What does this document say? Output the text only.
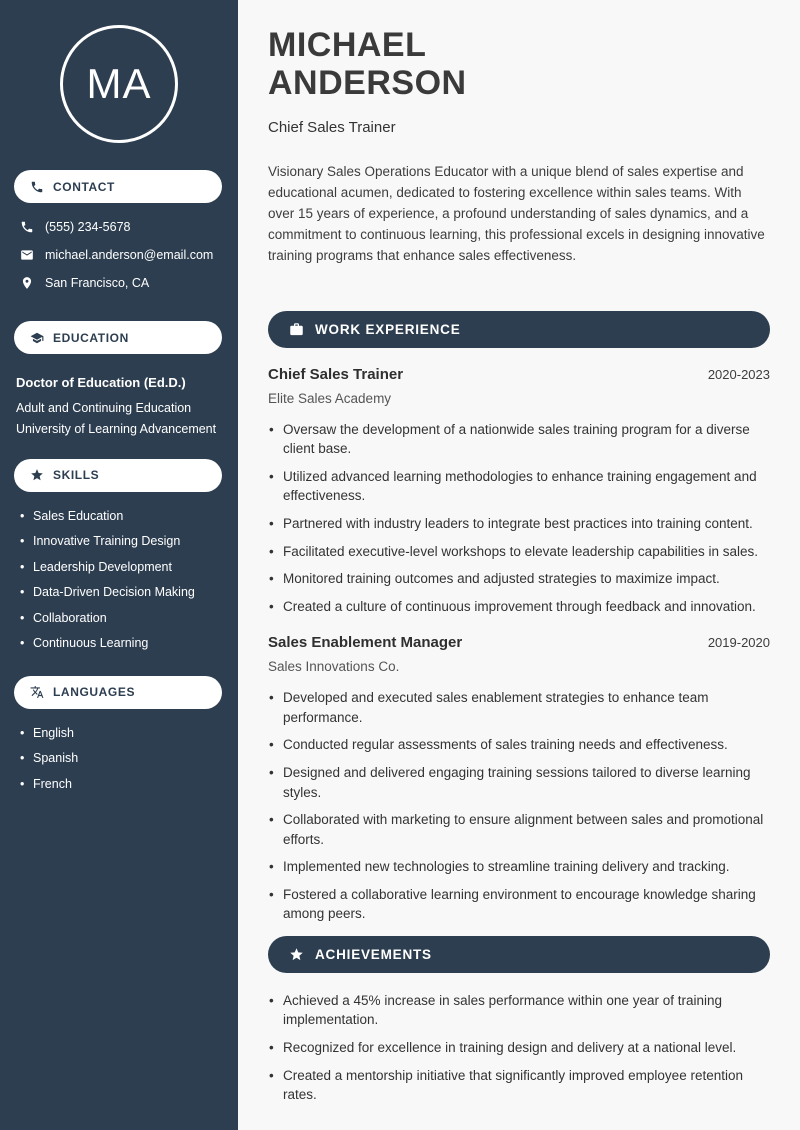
MA
CONTACT
(555) 234-5678
michael.anderson@email.com
San Francisco, CA
EDUCATION
Doctor of Education (Ed.D.)
Adult and Continuing Education
University of Learning Advancement
SKILLS
• Sales Education
• Innovative Training Design
• Leadership Development
• Data-Driven Decision Making
• Collaboration
• Continuous Learning
LANGUAGES
• English
• Spanish
• French
MICHAEL
ANDERSON
Chief Sales Trainer

Visionary Sales Operations Educator with a unique blend of sales expertise and educational acumen, dedicated to fostering excellence within sales teams. With over 15 years of experience, a profound understanding of sales dynamics, and a commitment to continuous learning, this professional excels in designing innovative training programs that enhance sales effectiveness.

WORK EXPERIENCE
Chief Sales Trainer	2020-2023
Elite Sales Academy
• Oversaw the development of a nationwide sales training program for a diverse client base.
• Utilized advanced learning methodologies to enhance training engagement and effectiveness.
• Partnered with industry leaders to integrate best practices into training content.
• Facilitated executive-level workshops to elevate leadership capabilities in sales.
• Monitored training outcomes and adjusted strategies to maximize impact.
• Created a culture of continuous improvement through feedback and innovation.
Sales Enablement Manager	2019-2020
Sales Innovations Co.
• Developed and executed sales enablement strategies to enhance team performance.
• Conducted regular assessments of sales training needs and effectiveness.
• Designed and delivered engaging training sessions tailored to diverse learning styles.
• Collaborated with marketing to ensure alignment between sales and promotional efforts.
• Implemented new technologies to streamline training delivery and tracking.
• Fostered a collaborative learning environment to encourage knowledge sharing among peers.
ACHIEVEMENTS
• Achieved a 45% increase in sales performance within one year of training implementation.
• Recognized for excellence in training design and delivery at a national level.
• Created a mentorship initiative that significantly improved employee retention rates.
